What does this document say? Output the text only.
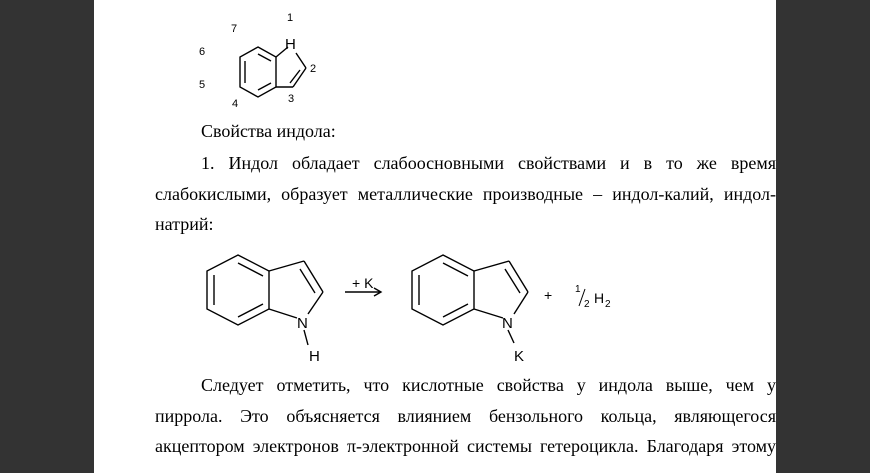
1
H
2
3
4
5
6
7
N
H
+ K
N
K
+ 1
2 H 2

Свойства индола:

1. Индол обладает слабоосновными свойствами и в то же время
слабокислыми, образует металлические производные – индол-калий, индол-
натрий:
Следует отметить, что кислотные свойства у индола выше, чем у
пиррола. Это объясняется влиянием бензольного кольца, являющегося
акцептором электронов π-электронной системы гетероцикла. Благодаря этому
